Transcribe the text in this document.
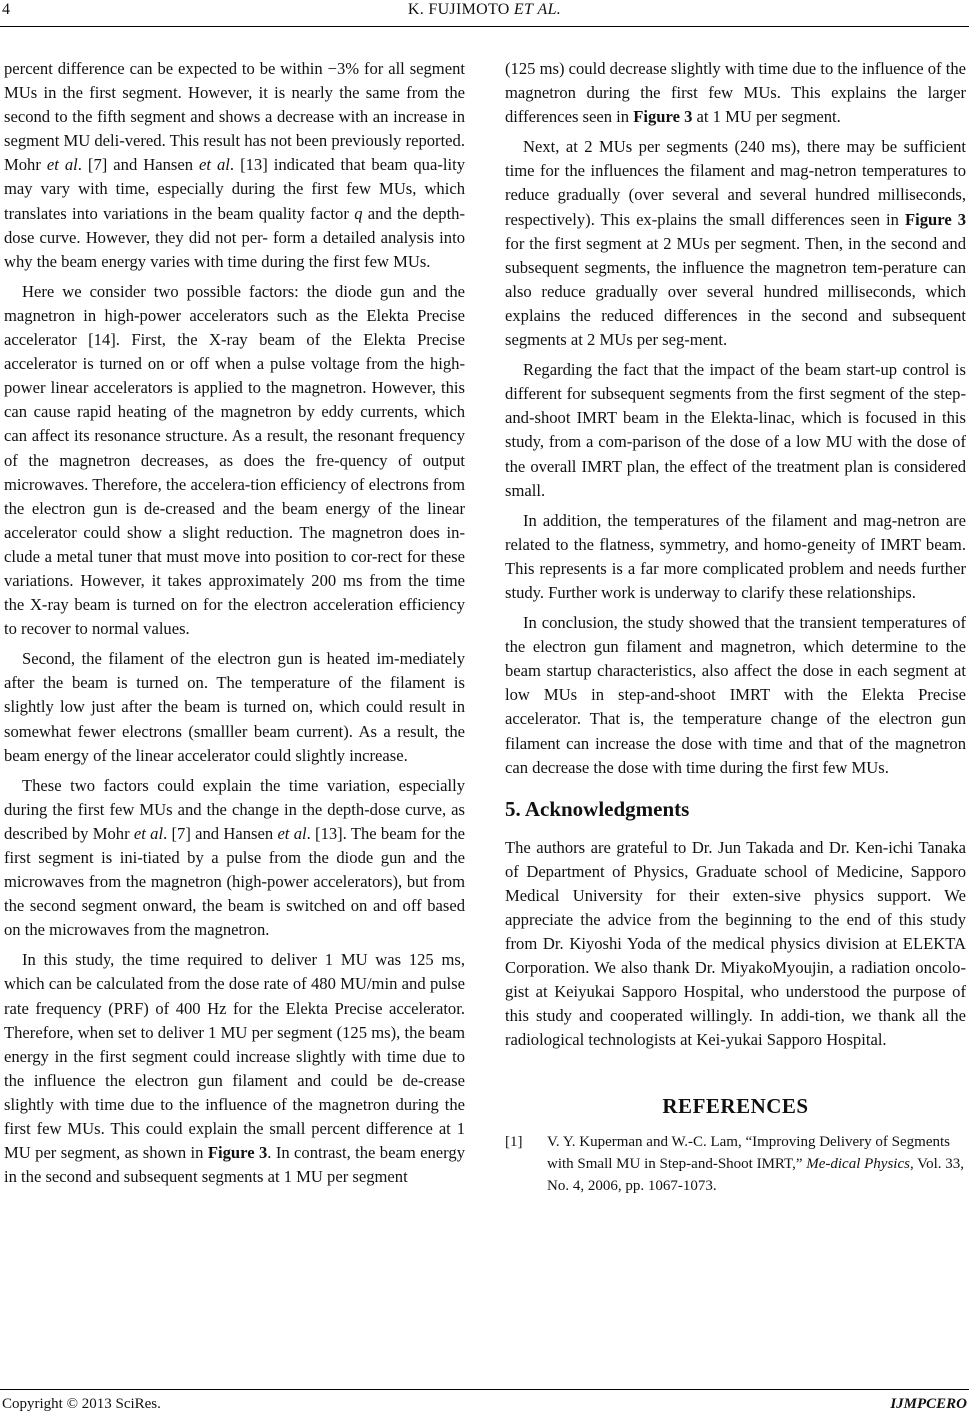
4	K. FUJIMOTO ET AL.

percent difference can be expected to be within −3% for all segment MUs in the first segment. However, it is nearly the same from the second to the fifth segment and shows a decrease with an increase in segment MU deli-vered. This result has not been previously reported. Mohr et al. [7] and Hansen et al. [13] indicated that beam qua-lity may vary with time, especially during the first few MUs, which translates into variations in the beam quality factor q and the depth-dose curve. However, they did not per- form a detailed analysis into why the beam energy varies with time during the first few MUs.

Here we consider two possible factors: the diode gun and the magnetron in high-power accelerators such as the Elekta Precise accelerator [14]. First, the X-ray beam of the Elekta Precise accelerator is turned on or off when a pulse voltage from the high-power linear accelerators is applied to the magnetron. However, this can cause rapid heating of the magnetron by eddy currents, which can affect its resonance structure. As a result, the resonant frequency of the magnetron decreases, as does the fre-quency of output microwaves. Therefore, the accelera-tion efficiency of electrons from the electron gun is de-creased and the beam energy of the linear accelerator could show a slight reduction. The magnetron does in-clude a metal tuner that must move into position to cor-rect for these variations. However, it takes approximately 200 ms from the time the X-ray beam is turned on for the electron acceleration efficiency to recover to normal values.

Second, the filament of the electron gun is heated im-mediately after the beam is turned on. The temperature of the filament is slightly low just after the beam is turned on, which could result in somewhat fewer electrons (smalller beam current). As a result, the beam energy of the linear accelerator could slightly increase.

These two factors could explain the time variation, especially during the first few MUs and the change in the depth-dose curve, as described by Mohr et al. [7] and Hansen et al. [13]. The beam for the first segment is ini-tiated by a pulse from the diode gun and the microwaves from the magnetron (high-power accelerators), but from the second segment onward, the beam is switched on and off based on the microwaves from the magnetron.

In this study, the time required to deliver 1 MU was 125 ms, which can be calculated from the dose rate of 480 MU/min and pulse rate frequency (PRF) of 400 Hz for the Elekta Precise accelerator. Therefore, when set to deliver 1 MU per segment (125 ms), the beam energy in the first segment could increase slightly with time due to the influence the electron gun filament and could be de-crease slightly with time due to the influence of the magnetron during the first few MUs. This could explain the small percent difference at 1 MU per segment, as shown in Figure 3. In contrast, the beam energy in the second and subsequent segments at 1 MU per segment

(125 ms) could decrease slightly with time due to the influence of the magnetron during the first few MUs. This explains the larger differences seen in Figure 3 at 1 MU per segment.

Next, at 2 MUs per segments (240 ms), there may be sufficient time for the influences the filament and mag-netron temperatures to reduce gradually (over several and several hundred milliseconds, respectively). This ex-plains the small differences seen in Figure 3 for the first segment at 2 MUs per segment. Then, in the second and subsequent segments, the influence the magnetron tem-perature can also reduce gradually over several hundred milliseconds, which explains the reduced differences in the second and subsequent segments at 2 MUs per seg-ment.

Regarding the fact that the impact of the beam start-up control is different for subsequent segments from the first segment of the step-and-shoot IMRT beam in the Elekta-linac, which is focused in this study, from a com-parison of the dose of a low MU with the dose of the overall IMRT plan, the effect of the treatment plan is considered small.

In addition, the temperatures of the filament and mag-netron are related to the flatness, symmetry, and homo-geneity of IMRT beam. This represents is a far more complicated problem and needs further study. Further work is underway to clarify these relationships.

In conclusion, the study showed that the transient temperatures of the electron gun filament and magnetron, which determine to the beam startup characteristics, also affect the dose in each segment at low MUs in step-and-shoot IMRT with the Elekta Precise accelerator. That is, the temperature change of the electron gun filament can increase the dose with time and that of the magnetron can decrease the dose with time during the first few MUs.

5. Acknowledgments

The authors are grateful to Dr. Jun Takada and Dr. Ken-ichi Tanaka of Department of Physics, Graduate school of Medicine, Sapporo Medical University for their exten-sive physics support. We appreciate the advice from the beginning to the end of this study from Dr. Kiyoshi Yoda of the medical physics division at ELEKTA Corporation. We also thank Dr. MiyakoMyoujin, a radiation oncolo-gist at Keiyukai Sapporo Hospital, who understood the purpose of this study and cooperated willingly. In addi-tion, we thank all the radiological technologists at Kei-yukai Sapporo Hospital.

REFERENCES
[1] V. Y. Kuperman and W.-C. Lam, “Improving Delivery of Segments with Small MU in Step-and-Shoot IMRT,” Me-dical Physics, Vol. 33, No. 4, 2006, pp. 1067-1073.
Copyright © 2013 SciRes.	IJMPCERO
